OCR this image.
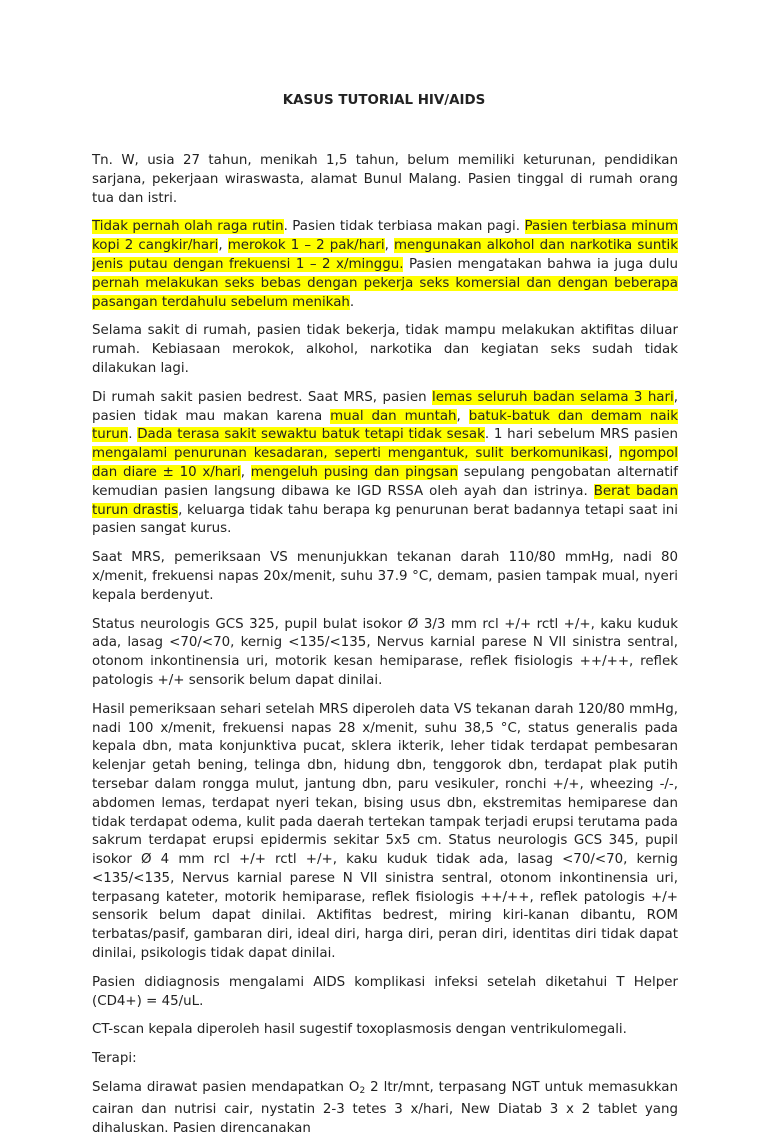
KASUS TUTORIAL HIV/AIDS

Tn. W, usia 27 tahun, menikah 1,5 tahun, belum memiliki keturunan, pendidikan sarjana, pekerjaan wiraswasta, alamat Bunul Malang. Pasien tinggal di rumah orang tua dan istri.

Tidak pernah olah raga rutin. Pasien tidak terbiasa makan pagi. Pasien terbiasa minum kopi 2 cangkir/hari, merokok 1 – 2 pak/hari, mengunakan alkohol dan narkotika suntik jenis putau dengan frekuensi 1 – 2 x/minggu. Pasien mengatakan bahwa ia juga dulu pernah melakukan seks bebas dengan pekerja seks komersial dan dengan beberapa pasangan terdahulu sebelum menikah.

Selama sakit di rumah, pasien tidak bekerja, tidak mampu melakukan aktifitas diluar rumah. Kebiasaan merokok, alkohol, narkotika dan kegiatan seks sudah tidak dilakukan lagi.

Di rumah sakit pasien bedrest. Saat MRS, pasien lemas seluruh badan selama 3 hari, pasien tidak mau makan karena mual dan muntah, batuk-batuk dan demam naik turun. Dada terasa sakit sewaktu batuk tetapi tidak sesak. 1 hari sebelum MRS pasien mengalami penurunan kesadaran, seperti mengantuk, sulit berkomunikasi, ngompol dan diare ± 10 x/hari, mengeluh pusing dan pingsan sepulang pengobatan alternatif kemudian pasien langsung dibawa ke IGD RSSA oleh ayah dan istrinya. Berat badan turun drastis, keluarga tidak tahu berapa kg penurunan berat badannya tetapi saat ini pasien sangat kurus.

Saat MRS, pemeriksaan VS menunjukkan tekanan darah 110/80 mmHg, nadi 80 x/menit, frekuensi napas 20x/menit, suhu 37.9 °C, demam, pasien tampak mual, nyeri kepala berdenyut.

Status neurologis GCS 325, pupil bulat isokor Ø 3/3 mm rcl +/+ rctl +/+, kaku kuduk ada, lasag <70/<70, kernig <135/<135, Nervus karnial parese N VII sinistra sentral, otonom inkontinensia uri, motorik kesan hemiparase, reflek fisiologis ++/++, reflek patologis +/+ sensorik belum dapat dinilai.

Hasil pemeriksaan sehari setelah MRS diperoleh data VS tekanan darah 120/80 mmHg, nadi 100 x/menit, frekuensi napas 28 x/menit, suhu 38,5 °C, status generalis pada kepala dbn, mata konjunktiva pucat, sklera ikterik, leher tidak terdapat pembesaran kelenjar getah bening, telinga dbn, hidung dbn, tenggorok dbn, terdapat plak putih tersebar dalam rongga mulut, jantung dbn, paru vesikuler, ronchi +/+, wheezing -/-, abdomen lemas, terdapat nyeri tekan, bising usus dbn, ekstremitas hemiparese dan tidak terdapat odema, kulit pada daerah tertekan tampak terjadi erupsi terutama pada sakrum terdapat erupsi epidermis sekitar 5x5 cm. Status neurologis GCS 345, pupil isokor Ø 4 mm rcl +/+ rctl +/+, kaku kuduk tidak ada, lasag <70/<70, kernig <135/<135, Nervus karnial parese N VII sinistra sentral, otonom inkontinensia uri, terpasang kateter, motorik hemiparase, reflek fisiologis ++/++, reflek patologis +/+ sensorik belum dapat dinilai. Aktifitas bedrest, miring kiri-kanan dibantu, ROM terbatas/pasif, gambaran diri, ideal diri, harga diri, peran diri, identitas diri tidak dapat dinilai, psikologis tidak dapat dinilai.

Pasien didiagnosis mengalami AIDS komplikasi infeksi setelah diketahui T Helper (CD4+) = 45/uL.

CT-scan kepala diperoleh hasil sugestif toxoplasmosis dengan ventrikulomegali.

Terapi:

Selama dirawat pasien mendapatkan $O_2$ 2 ltr/mnt, terpasang NGT untuk memasukkan cairan dan nutrisi cair, nystatin 2-3 tetes 3 x/hari, New Diatab 3 x 2 tablet yang dihaluskan. Pasien direncanakan
